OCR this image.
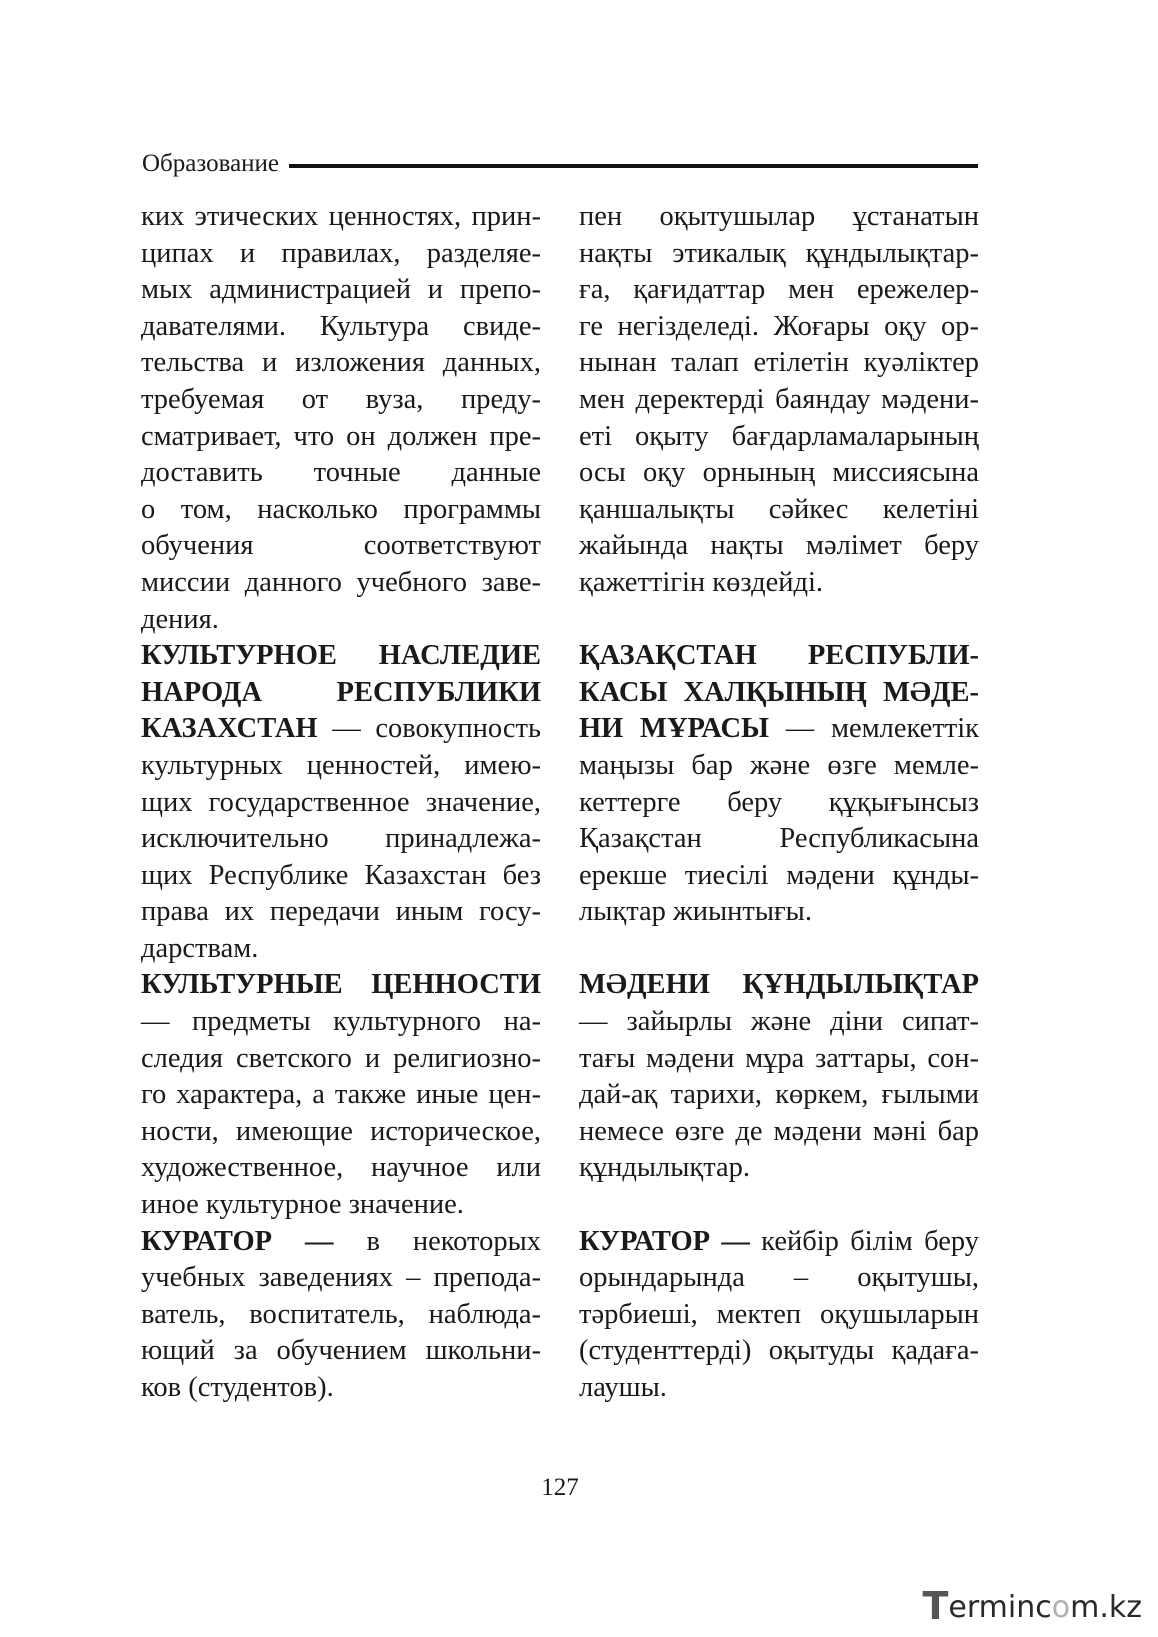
Образование
ких этических ценностях, прин-
ципах и правилах, разделяе-
мых администрацией и препо-
давателями. Культура свиде-
тельства и изложения данных,
требуемая от вуза, преду-
сматривает, что он должен пре-
доставить точные данные
о том, насколько программы
обучения соответствуют
миссии данного учебного заве-
дения.
КУЛЬТУРНОЕ НАСЛЕДИЕ
НАРОДА РЕСПУБЛИКИ
КАЗАХСТАН — совокупность
культурных ценностей, имею-
щих государственное значение,
исключительно принадлежа-
щих Республике Казахстан без
права их передачи иным госу-
дарствам.
КУЛЬТУРНЫЕ ЦЕННОСТИ
— предметы культурного на-
следия светского и религиозно-
го характера, а также иные цен-
ности, имеющие историческое,
художественное, научное или
иное культурное значение.
КУРАТОР — в некоторых
учебных заведениях – препода-
ватель, воспитатель, наблюда-
ющий за обучением школьни-
ков (студентов).
пен оқытушылар ұстанатын
нақты этикалық құндылықтар-
ға, қағидаттар мен ережелер-
ге негізделеді. Жоғары оқу ор-
нынан талап етілетін куәліктер
мен деректерді баяндау мәдени-
еті оқыту бағдарламаларының
осы оқу орнының миссиясына
қаншалықты сәйкес келетіні
жайында нақты мәлімет беру
қажеттігін көздейді.
ҚАЗАҚСТАН РЕСПУБЛИ-
КАСЫ ХАЛҚЫНЫҢ МӘДЕ-
НИ МҰРАСЫ — мемлекеттік
маңызы бар және өзге мемле-
кеттерге беру құқығынсыз
Қазақстан Республикасына
ерекше тиесілі мәдени құнды-
лықтар жиынтығы.
МӘДЕНИ ҚҰНДЫЛЫҚТАР
— зайырлы және діни сипат-
тағы мәдени мұра заттары, сон-
дай-ақ тарихи, көркем, ғылыми
немесе өзге де мәдени мәні бар
құндылықтар.
КУРАТОР — кейбір білім беру
орындарында – оқытушы,
тәрбиеші, мектеп оқушыларын
(студенттерді) оқытуды қадаға-
лаушы.
127
T erminc o m.kz
